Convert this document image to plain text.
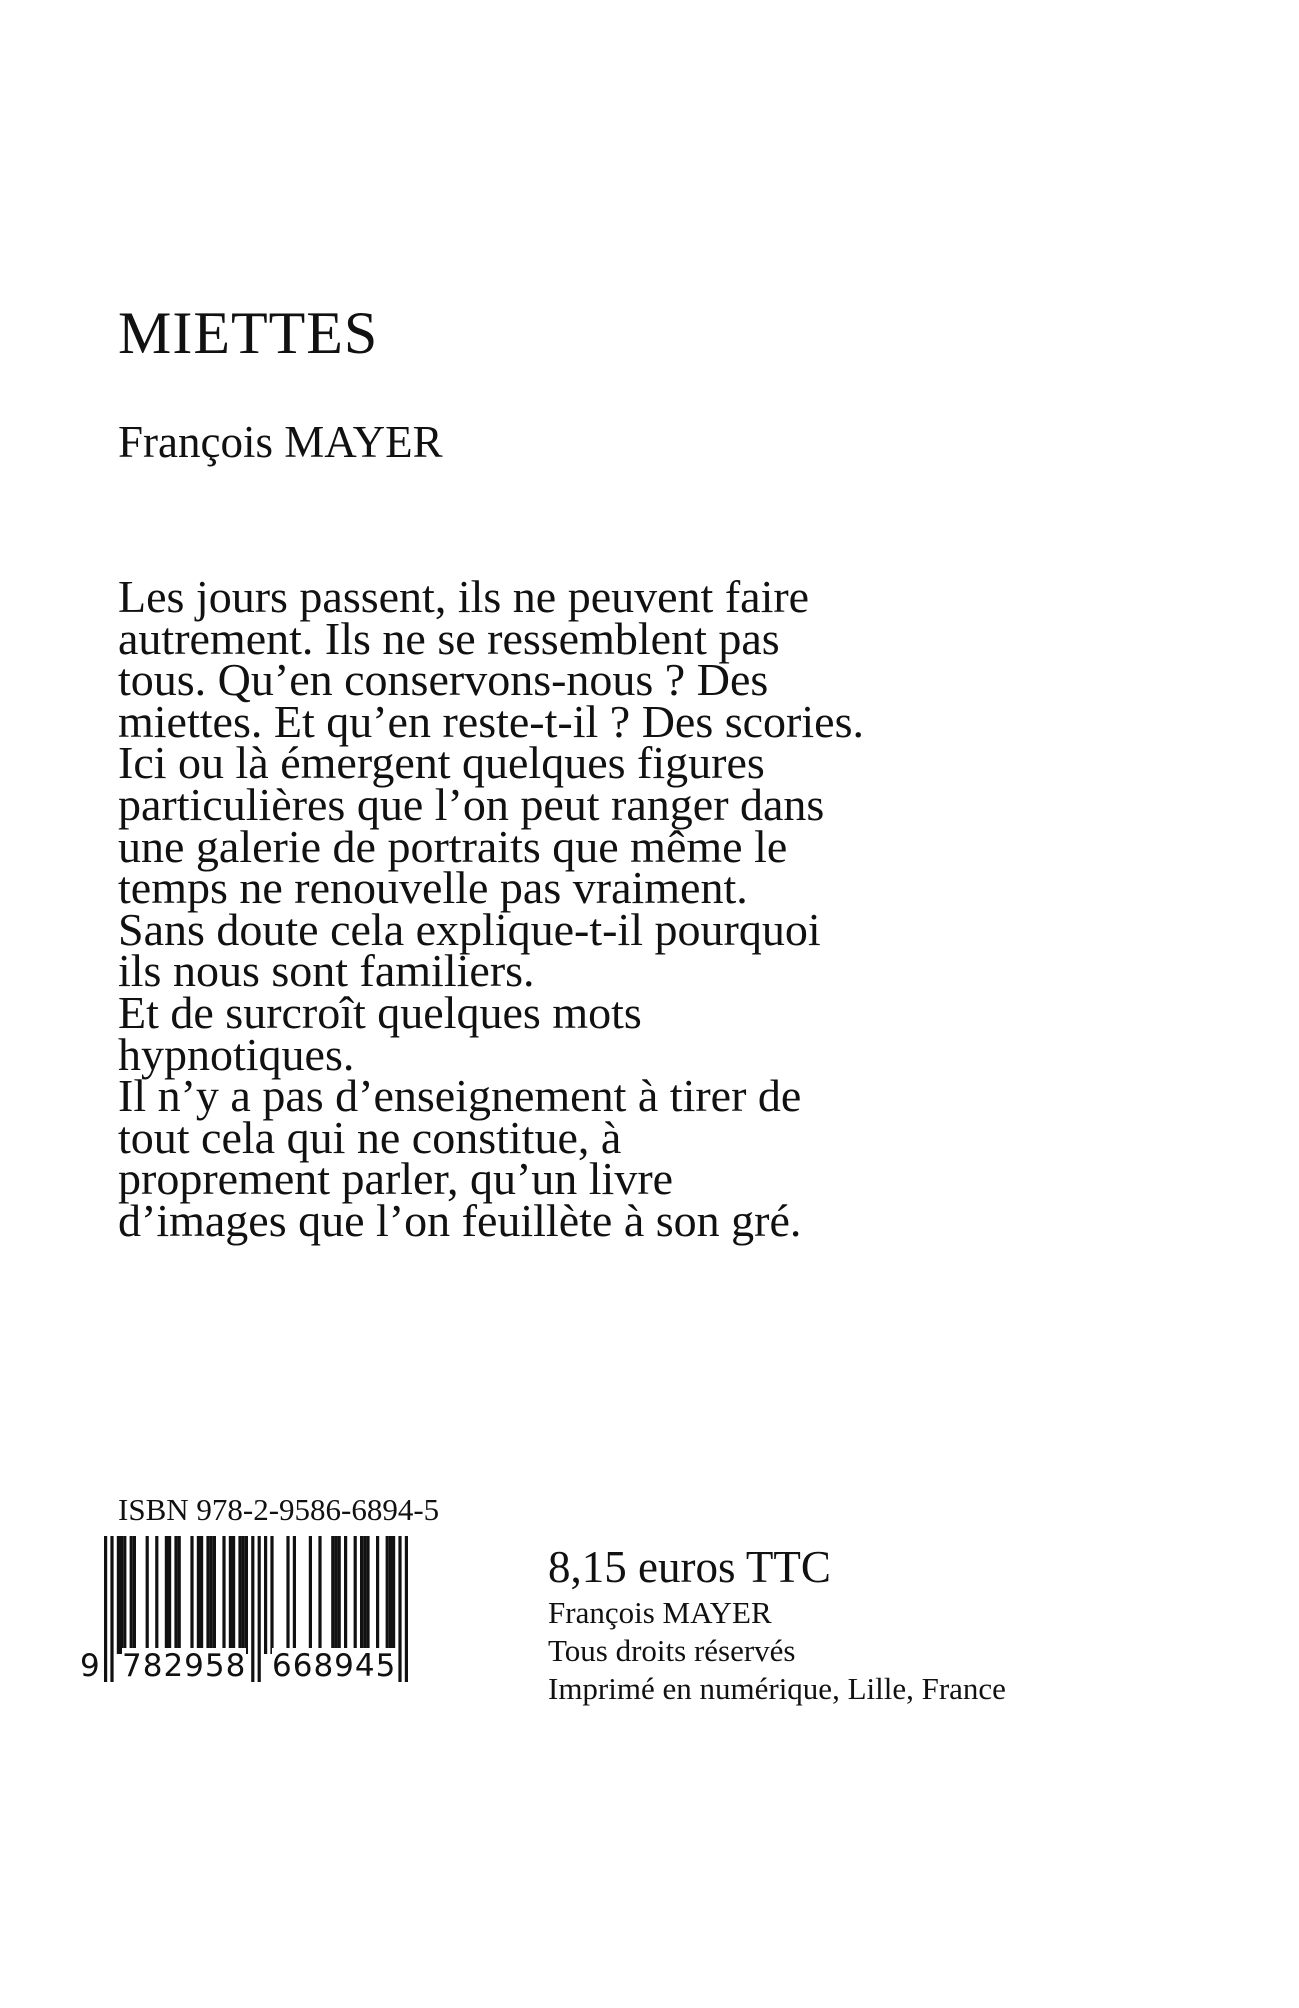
MIETTES

François MAYER

Les jours passent, ils ne peuvent faire
autrement. Ils ne se ressemblent pas
tous. Qu’en conservons-nous ? Des
miettes. Et qu’en reste-t-il ? Des scories.
Ici ou là émergent quelques figures
particulières que l’on peut ranger dans
une galerie de portraits que même le
temps ne renouvelle pas vraiment.
Sans doute cela explique-t-il pourquoi
ils nous sont familiers.
Et de surcroît quelques mots
hypnotiques.
Il n’y a pas d’enseignement à tirer de
tout cela qui ne constitue, à
proprement parler, qu’un livre
d’images que l’on feuillète à son gré.

ISBN 978-2-9586-6894-5

9 782958 668945
8,15 euros TTC
François MAYER
Tous droits réservés
Imprimé en numérique, Lille, France
